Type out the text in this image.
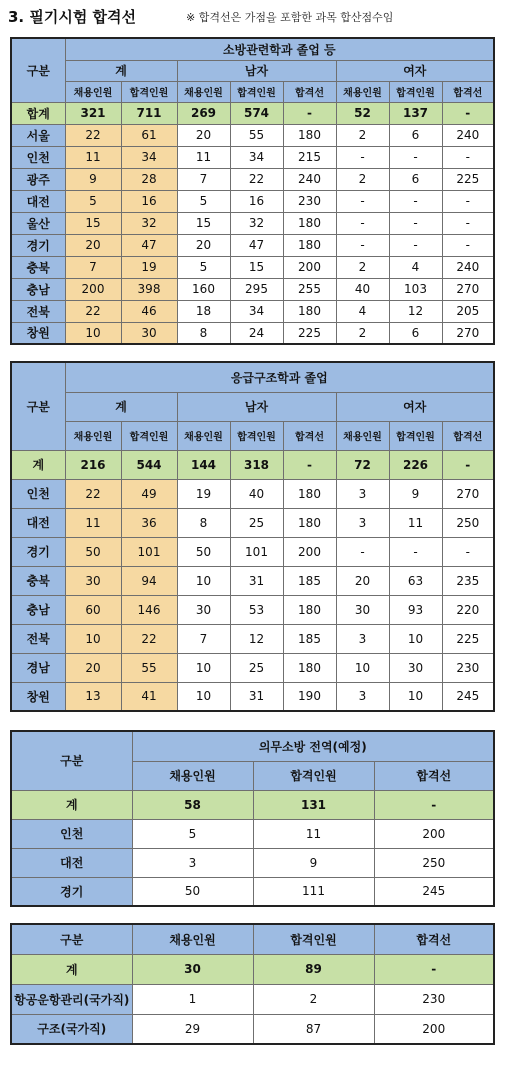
3. 필기시험 합격선	※ 합격선은 가점을 포함한 과목 합산점수임
구분	소방관련학과 졸업 등							
	계		남자			여자		
	채용인원	합격인원	채용인원	합격인원	합격선	채용인원	합격인원	합격선
합계	321	711	269	574	-	52	137	-
서울	22	61	20	55	180	2	6	240
인천	11	34	11	34	215	-	-	-
광주	9	28	7	22	240	2	6	225
대전	5	16	5	16	230	-	-	-
울산	15	32	15	32	180	-	-	-
경기	20	47	20	47	180	-	-	-
충북	7	19	5	15	200	2	4	240
충남	200	398	160	295	255	40	103	270
전북	22	46	18	34	180	4	12	205
창원	10	30	8	24	225	2	6	270
구분	응급구조학과 졸업							
	계		남자			여자		
	채용인원	합격인원	채용인원	합격인원	합격선	채용인원	합격인원	합격선
계	216	544	144	318	-	72	226	-
인천	22	49	19	40	180	3	9	270
대전	11	36	8	25	180	3	11	250
경기	50	101	50	101	200	-	-	-
충북	30	94	10	31	185	20	63	235
충남	60	146	30	53	180	30	93	220
전북	10	22	7	12	185	3	10	225
경남	20	55	10	25	180	10	30	230
창원	13	41	10	31	190	3	10	245
구분	의무소방 전역(예정)		
	채용인원	합격인원	합격선
계	58	131	-
인천	5	11	200
대전	3	9	250
경기	50	111	245
구분	채용인원	합격인원	합격선
계	30	89	-
항공운항관리(국가직)	1	2	230
구조(국가직)	29	87	200
